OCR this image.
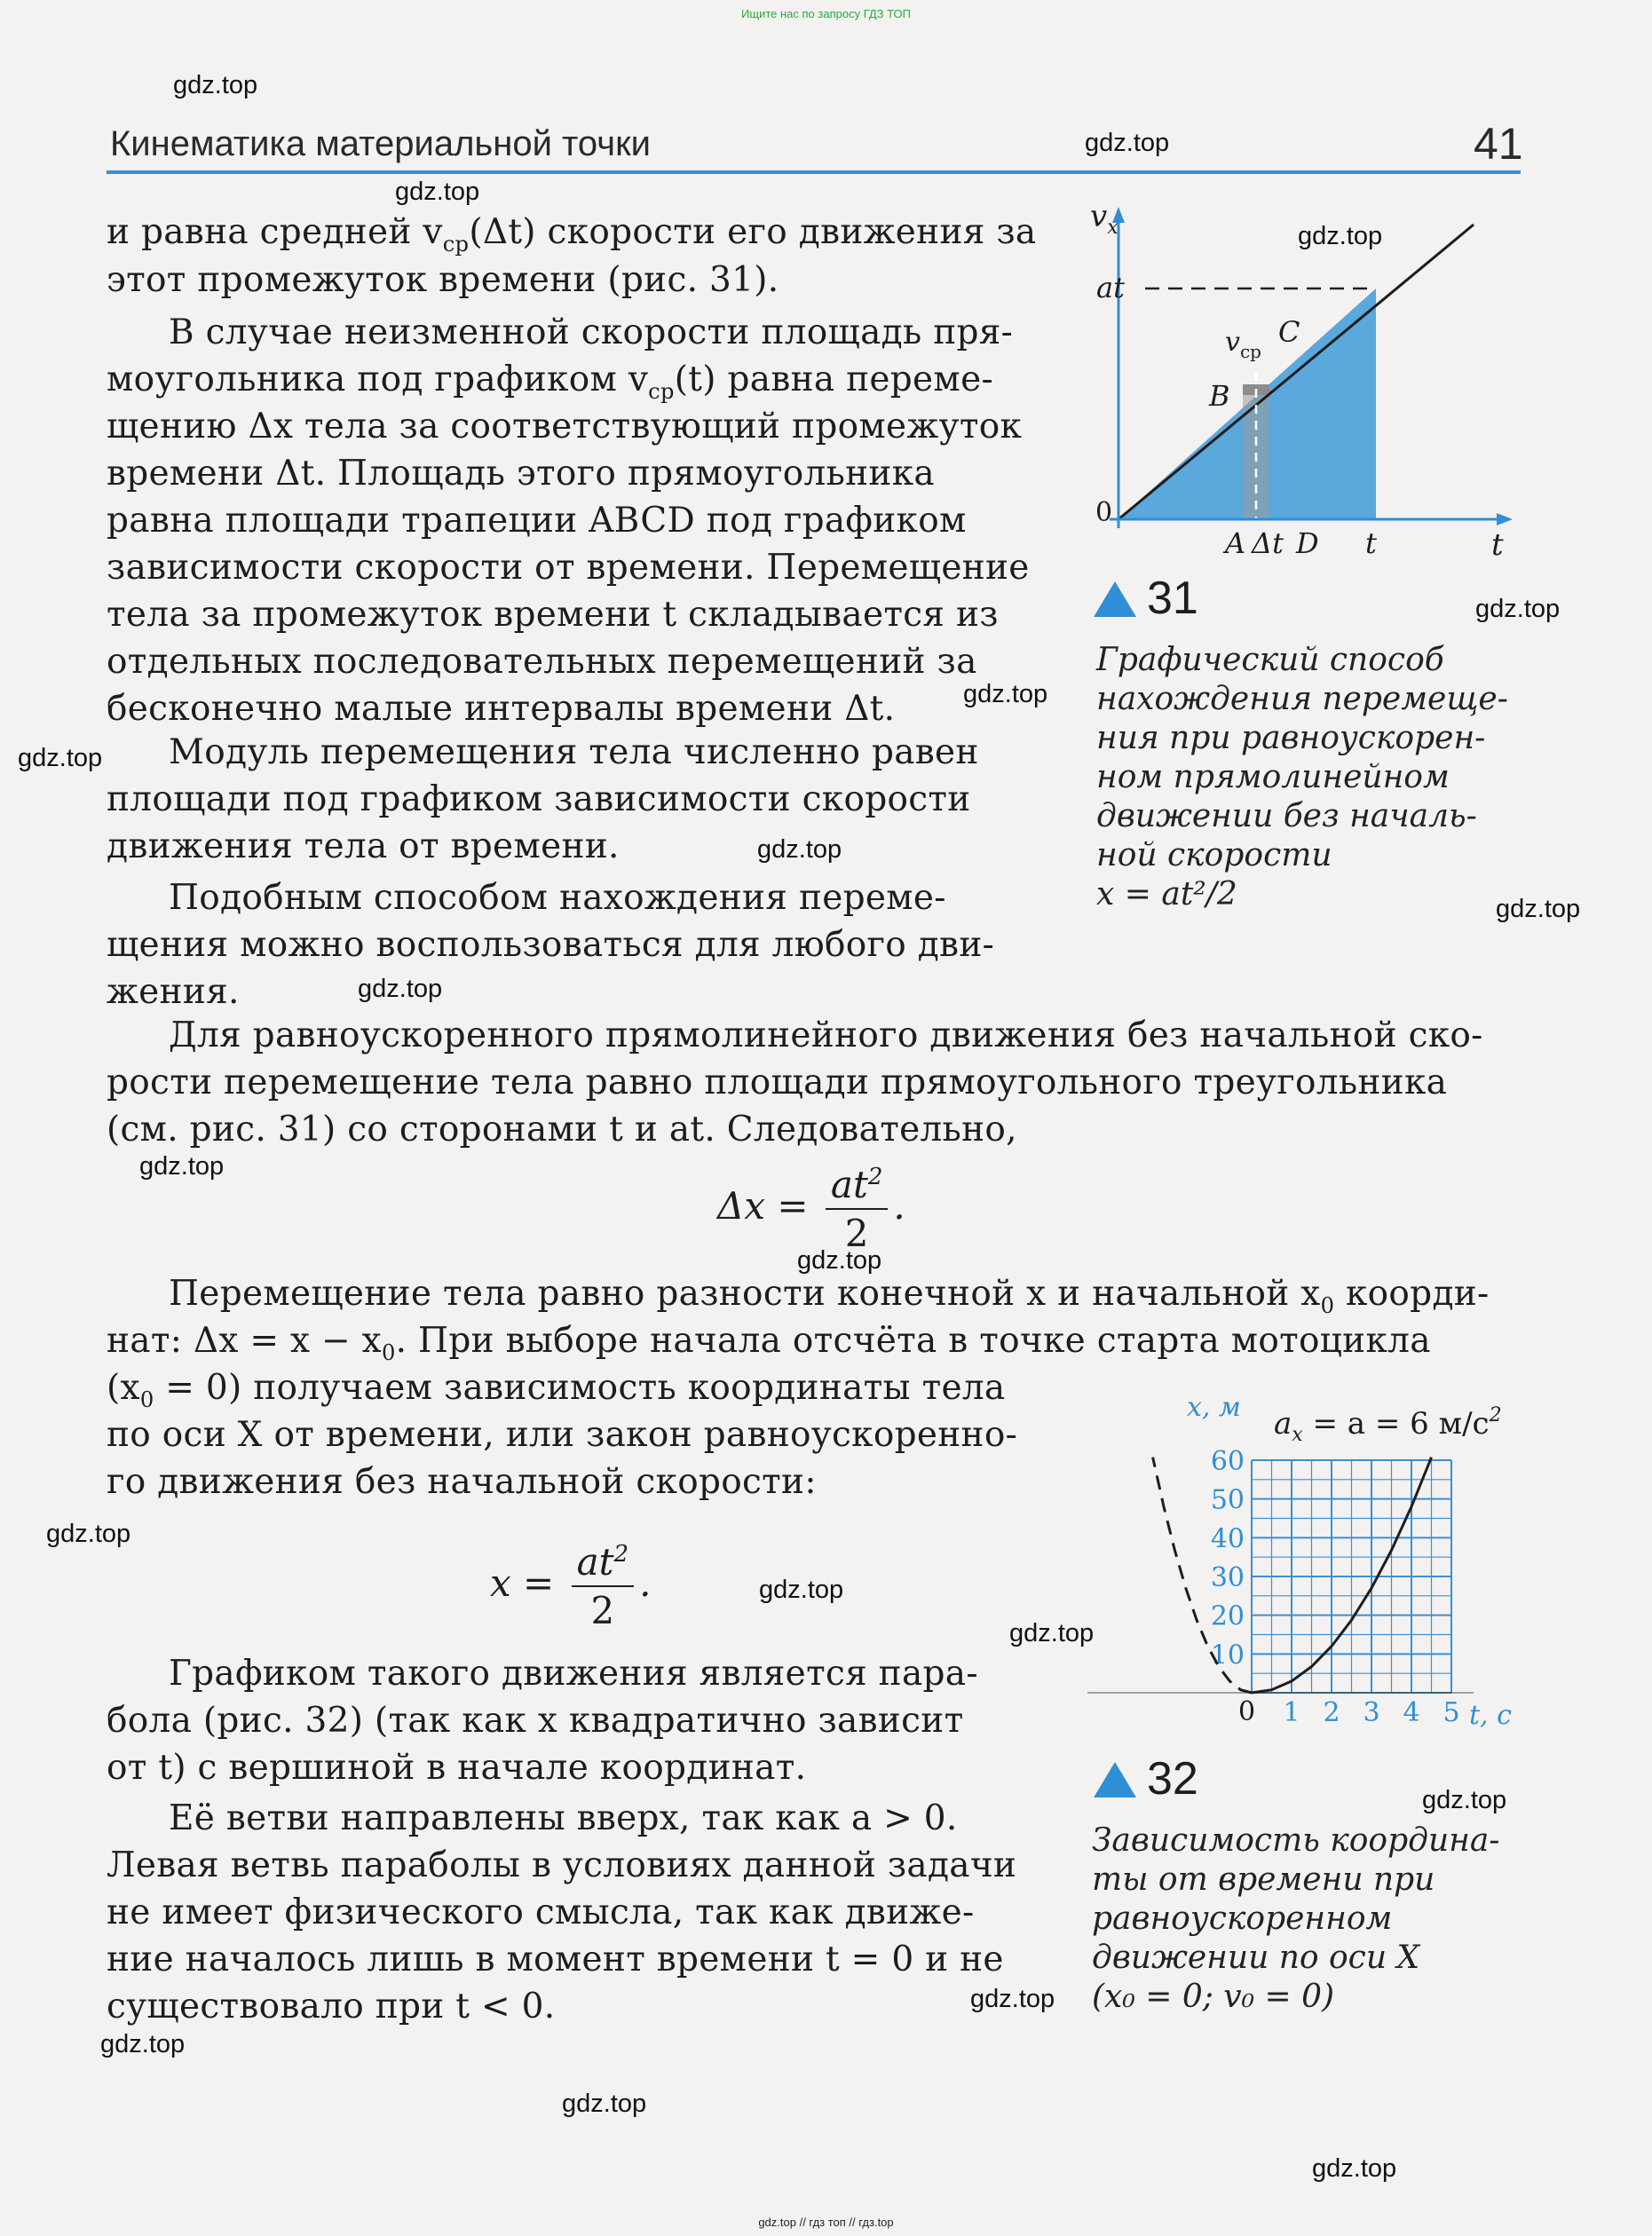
Ищите нас по запросу ГДЗ ТОП
gdz.top
gdz.top
gdz.top
gdz.top
gdz.top
gdz.top
gdz.top
gdz.top
gdz.top
gdz.top
gdz.top
gdz.top
gdz.top
gdz.top
gdz.top
gdz.top
gdz.top
gdz.top
gdz.top
gdz.top
Кинематика материальной точки	41
и равна средней $v_{ср}(\Delta t)$ скорости его движения за
этот промежуток времени (рис. 31).
В случае неизменной скорости площадь пря-
моугольника под графиком $v_{ср}(t)$ равна переме-
щению Δx тела за соответствующий промежуток
времени Δt. Площадь этого прямоугольника
равна площади трапеции ABCD под графиком
зависимости скорости от времени. Перемещение
тела за промежуток времени t складывается из
отдельных последовательных перемещений за
бесконечно малые интервалы времени Δt.
Модуль перемещения тела численно равен
площади под графиком зависимости скорости
движения тела от времени.
Подобным способом нахождения переме-
щения можно воспользоваться для любого дви-
жения.
Для равноускоренного прямолинейного движения без начальной ско-
рости перемещение тела равно площади прямоугольного треугольника
(см. рис. 31) со сторонами t и at. Следовательно,
$\Delta x = \frac{at^2}{2}$ .
Перемещение тела равно разности конечной x и начальной $x_0$ коорди-
нат: $\Delta x = x - x_0$. При выборе начала отсчёта в точке старта мотоцикла
$(x_0 = 0)$ получаем зависимость координаты тела
по оси X от времени, или закон равноускоренно-
го движения без начальной скорости:
$x = \frac{at^2}{2}$ .
Графиком такого движения является пара-
бола (рис. 32) (так как x квадратично зависит
от t) с вершиной в начале координат.
Её ветви направлены вверх, так как a > 0.
Левая ветвь параболы в условиях данной задачи
не имеет физического смысла, так как движе-
ние началось лишь в момент времени t = 0 и не
существовало при t < 0.
$v_x$
t
at
$v_{ср}$
B
C
0
A Δt D t
31
Графический способ
нахождения перемеще-
ния при равноускорен-
ном прямолинейном
движении без началь-
ной скорости
x = at²/2
10
20
30
40
50
60
1 2 3 4 5
x, м
t, с
$a_x = a = 6$ $м/с^2$
0
32
Зависимость координа-
ты от времени при
равноускоренном
движении по оси X
(x₀ = 0; v₀ = 0)
gdz.top // гдз топ // гдз.top
